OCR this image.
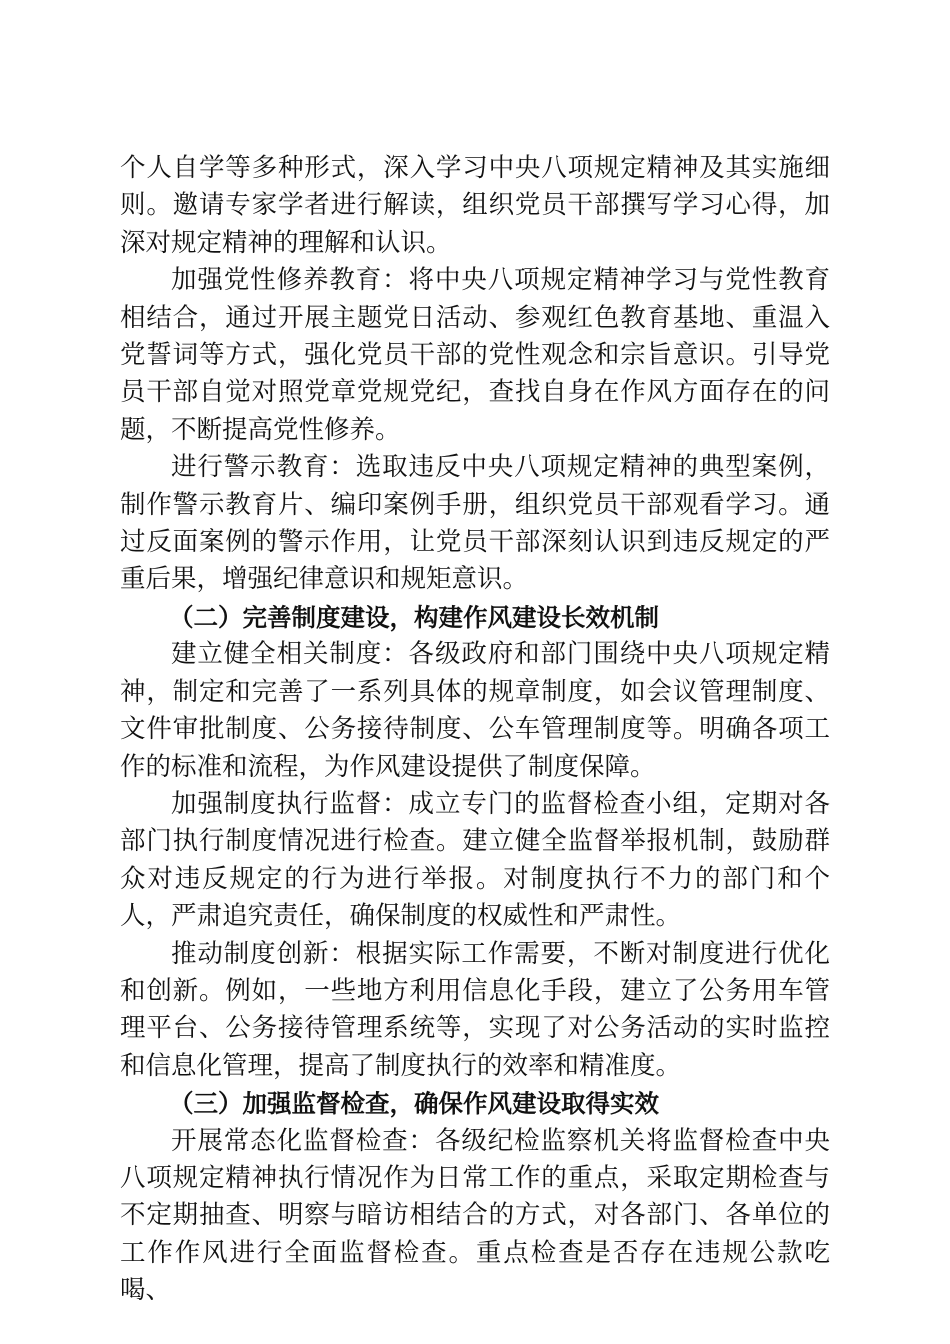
个人自学等多种形式，深入学习中央八项规定精神及其实施细则。邀请专家学者进行解读，组织党员干部撰写学习心得，加深对规定精神的理解和认识。

加强党性修养教育：将中央八项规定精神学习与党性教育相结合，通过开展主题党日活动、参观红色教育基地、重温入党誓词等方式，强化党员干部的党性观念和宗旨意识。引导党员干部自觉对照党章党规党纪，查找自身在作风方面存在的问题，不断提高党性修养。

进行警示教育：选取违反中央八项规定精神的典型案例，制作警示教育片、编印案例手册，组织党员干部观看学习。通过反面案例的警示作用，让党员干部深刻认识到违反规定的严重后果，增强纪律意识和规矩意识。

（二）完善制度建设，构建作风建设长效机制

建立健全相关制度：各级政府和部门围绕中央八项规定精神，制定和完善了一系列具体的规章制度，如会议管理制度、文件审批制度、公务接待制度、公车管理制度等。明确各项工作的标准和流程，为作风建设提供了制度保障。

加强制度执行监督：成立专门的监督检查小组，定期对各部门执行制度情况进行检查。建立健全监督举报机制，鼓励群众对违反规定的行为进行举报。对制度执行不力的部门和个人，严肃追究责任，确保制度的权威性和严肃性。

推动制度创新：根据实际工作需要，不断对制度进行优化和创新。例如，一些地方利用信息化手段，建立了公务用车管理平台、公务接待管理系统等，实现了对公务活动的实时监控和信息化管理，提高了制度执行的效率和精准度。

（三）加强监督检查，确保作风建设取得实效

开展常态化监督检查：各级纪检监察机关将监督检查中央八项规定精神执行情况作为日常工作的重点，采取定期检查与不定期抽查、明察与暗访相结合的方式，对各部门、各单位的工作作风进行全面监督检查。重点检查是否存在违规公款吃喝、
